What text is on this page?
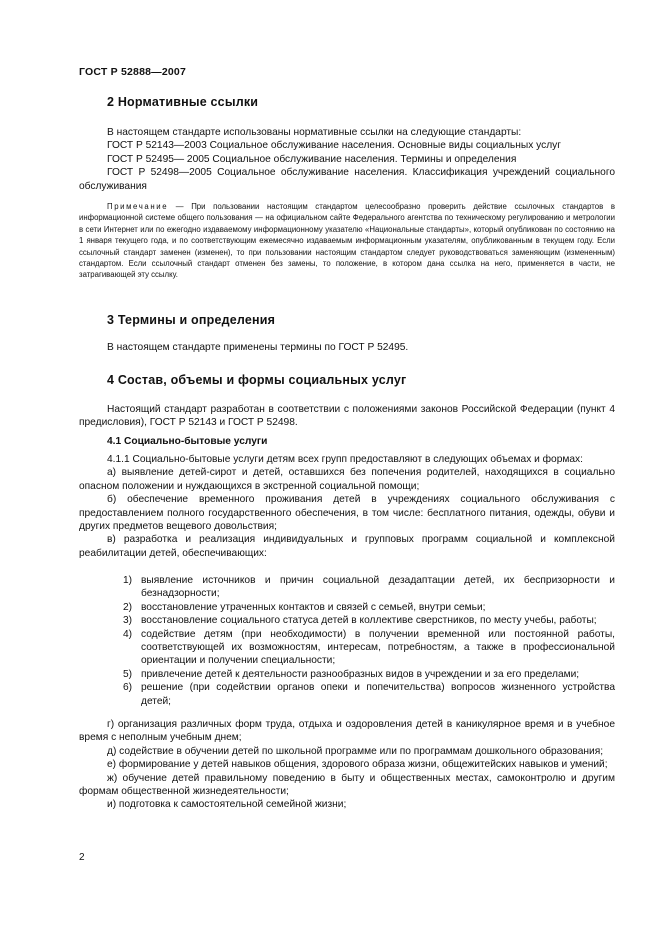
ГОСТ Р 52888—2007
2 Нормативные ссылки
В настоящем стандарте использованы нормативные ссылки на следующие стандарты:
ГОСТ Р 52143—2003 Социальное обслуживание населения. Основные виды социальных услуг
ГОСТ Р 52495— 2005 Социальное обслуживание населения. Термины и определения
ГОСТ Р 52498—2005 Социальное обслуживание населения. Классификация учреждений социального обслуживания
Примечание — При пользовании настоящим стандартом целесообразно проверить действие ссылочных стандартов в информационной системе общего пользования — на официальном сайте Федерального агентства по техническому регулированию и метрологии в сети Интернет или по ежегодно издаваемому информационному указателю «Национальные стандарты», который опубликован по состоянию на 1 января текущего года, и по соответствующим ежемесячно издаваемым информационным указателям, опубликованным в текущем году. Если ссылочный стандарт заменен (изменен), то при пользовании настоящим стандартом следует руководствоваться заменяющим (измененным) стандартом. Если ссылочный стандарт отменен без замены, то положение, в котором дана ссылка на него, применяется в части, не затрагивающей эту ссылку.
3 Термины и определения
В настоящем стандарте применены термины по ГОСТ Р 52495.
4 Состав, объемы и формы социальных услуг
Настоящий стандарт разработан в соответствии с положениями законов Российской Федерации (пункт 4 предисловия), ГОСТ Р 52143 и ГОСТ Р 52498.
4.1 Социально-бытовые услуги
4.1.1 Социально-бытовые услуги детям всех групп предоставляют в следующих объемах и формах:
а) выявление детей-сирот и детей, оставшихся без попечения родителей, находящихся в социально опасном положении и нуждающихся в экстренной социальной помощи;
б) обеспечение временного проживания детей в учреждениях социального обслуживания с предоставлением полного государственного обеспечения, в том числе: бесплатного питания, одежды, обуви и других предметов вещевого довольствия;
в) разработка и реализация индивидуальных и групповых программ социальной и комплексной реабилитации детей, обеспечивающих:
1) выявление источников и причин социальной дезадаптации детей, их беспризорности и безнадзорности;
2) восстановление утраченных контактов и связей с семьей, внутри семьи;
3) восстановление социального статуса детей в коллективе сверстников, по месту учебы, работы;
4) содействие детям (при необходимости) в получении временной или постоянной работы, соответствующей их возможностям, интересам, потребностям, а также в профессиональной ориентации и получении специальности;
5) привлечение детей к деятельности разнообразных видов в учреждении и за его пределами;
6) решение (при содействии органов опеки и попечительства) вопросов жизненного устройства детей;
г) организация различных форм труда, отдыха и оздоровления детей в каникулярное время и в учебное время с неполным учебным днем;
д) содействие в обучении детей по школьной программе или по программам дошкольного образования;
е) формирование у детей навыков общения, здорового образа жизни, общежитейских навыков и умений;
ж) обучение детей правильному поведению в быту и общественных местах, самоконтролю и другим формам общественной жизнедеятельности;
и) подготовка к самостоятельной семейной жизни;
2
